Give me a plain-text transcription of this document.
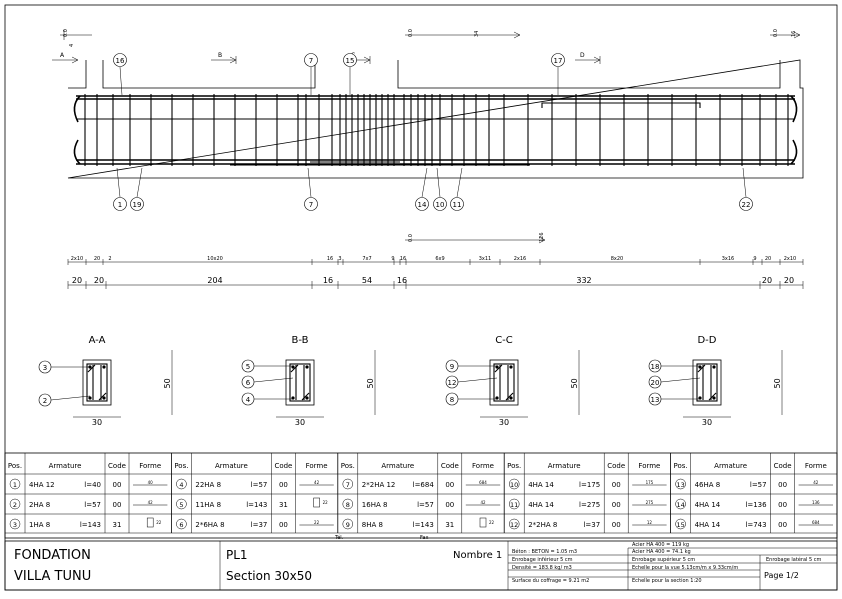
A	B	D
0.0
4
0.0	34	0.0 16
0.0	126
16	7	15	17
1 19	7	14 10 11	22
2x10 20 2	10x20	16 3	7x7	9 16	6x9	3x11	2x16	8x20	3x16	9 20	2x10
20 20	204	16	54	16	332	20 20
A-A
30
50
3
2
B-B
30
50
5
6
4
C-C
30
50
9
12
8
D-D
30
50
18
20
13
Pos.	Armature	Code Forme
1 4HA 12	l=40 00	40
2 2HA 8	l=57 00	42
3 1HA 8	l=143 31	22
Pos.	Armature	Code Forme
4 22HA 8	l=57 00	42
5 11HA 8	l=143 31	22
6 2*6HA 8	l=37 00	22
Pos.	Armature	Code Forme
7 2*2HA 12 l=684 00	684
8 16HA 8	l=57 00	42
9 8HA 8	l=143 31	22
Pos.	Armature	Code Forme
10 4HA 14	l=175 00	175
11 4HA 14	l=275 00	275
12 2*2HA 8	l=37 00	12
Pos.	Armature	Code Forme
13 46HA 8	l=57 00	42
14 4HA 14	l=136 00	136
15 4HA 14	l=743 00	684
Tél.	Fax
FONDATION
VILLA TUNU
PL1
Section 30x50
Nombre 1 Béton : BETON = 1.05 m3
Enrobage inférieur 5 cm
Densité = 183.8 kg/ m3
Surface du coffrage = 9.21 m2
Acier HA 400 = 119 kg
Acier HA 400 = 74.1 kg
Enrobage supérieur 5 cm
Echelle pour la vue 5.13cm/m x 9.33cm/m
Echelle pour la section 1:20
Enrobage latéral 5 cm
Page 1/2
